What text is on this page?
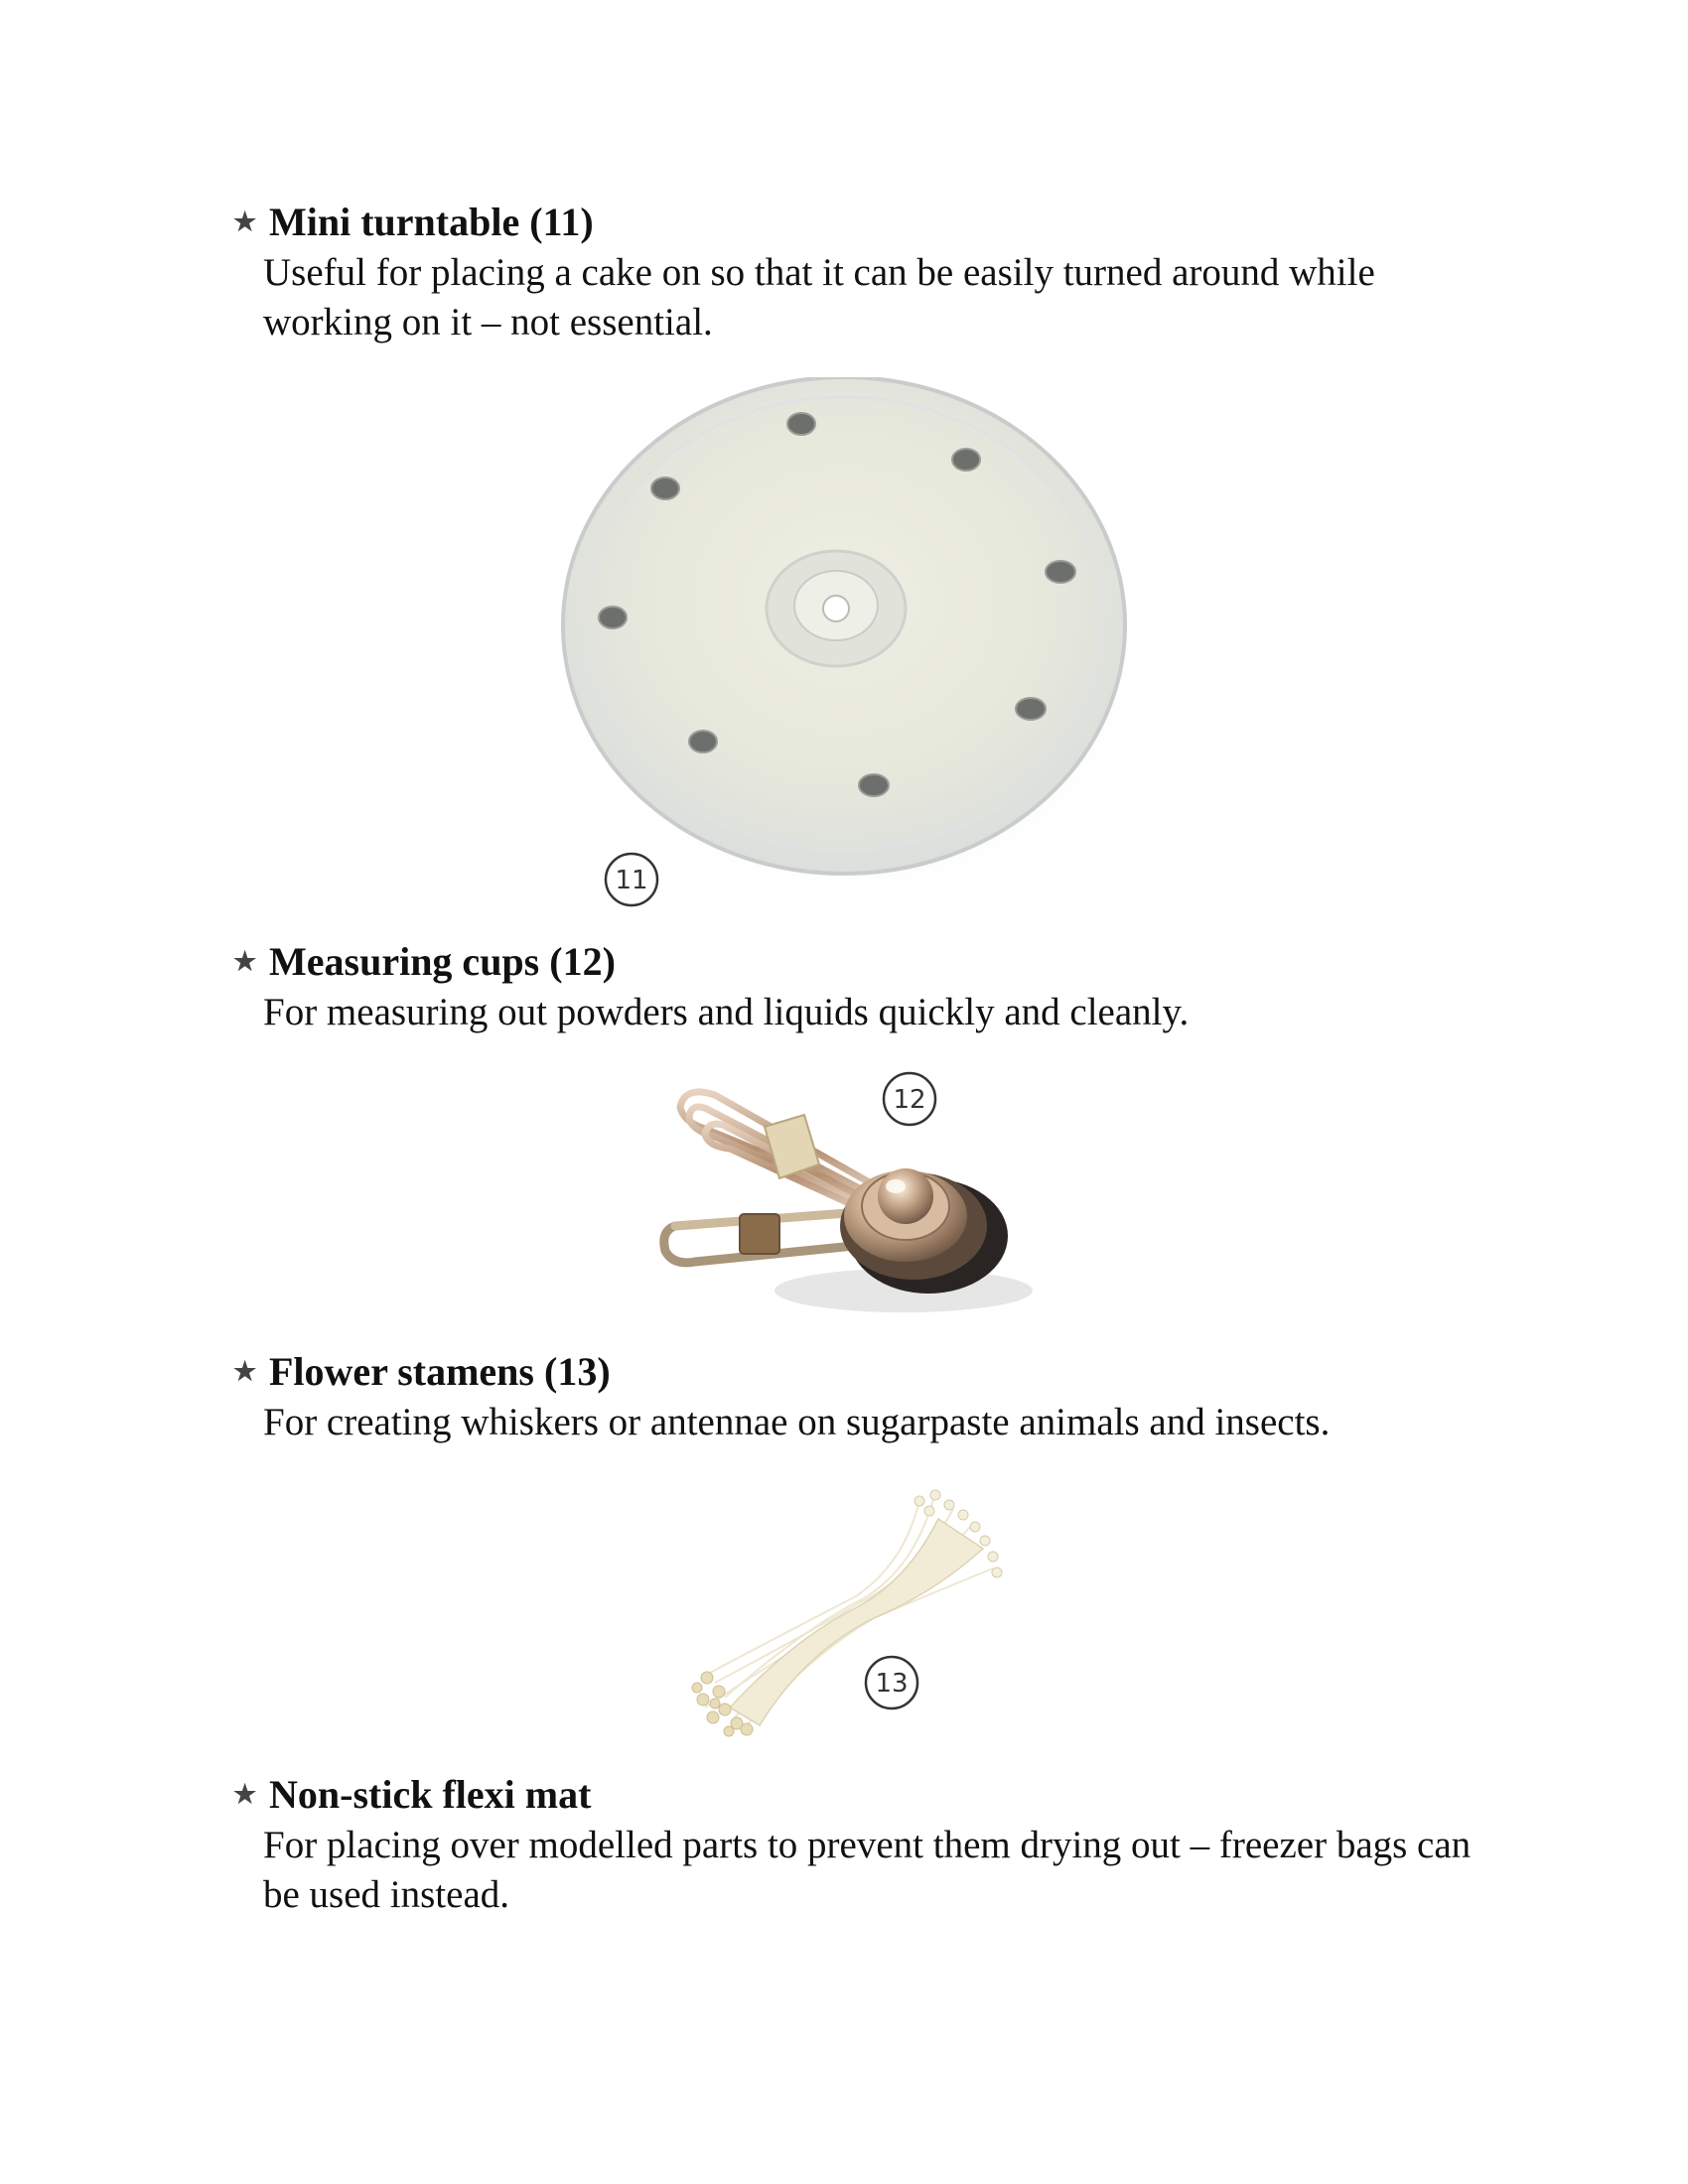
★ Mini turntable (11)
Useful for placing a cake on so that it can be easily turned around while working on it – not essential.
11
★ Measuring cups (12)
For measuring out powders and liquids quickly and cleanly.
12
★ Flower stamens (13)
For creating whiskers or antennae on sugarpaste animals and insects.
13
★ Non-stick flexi mat
For placing over modelled parts to prevent them drying out – freezer bags can be used instead.
